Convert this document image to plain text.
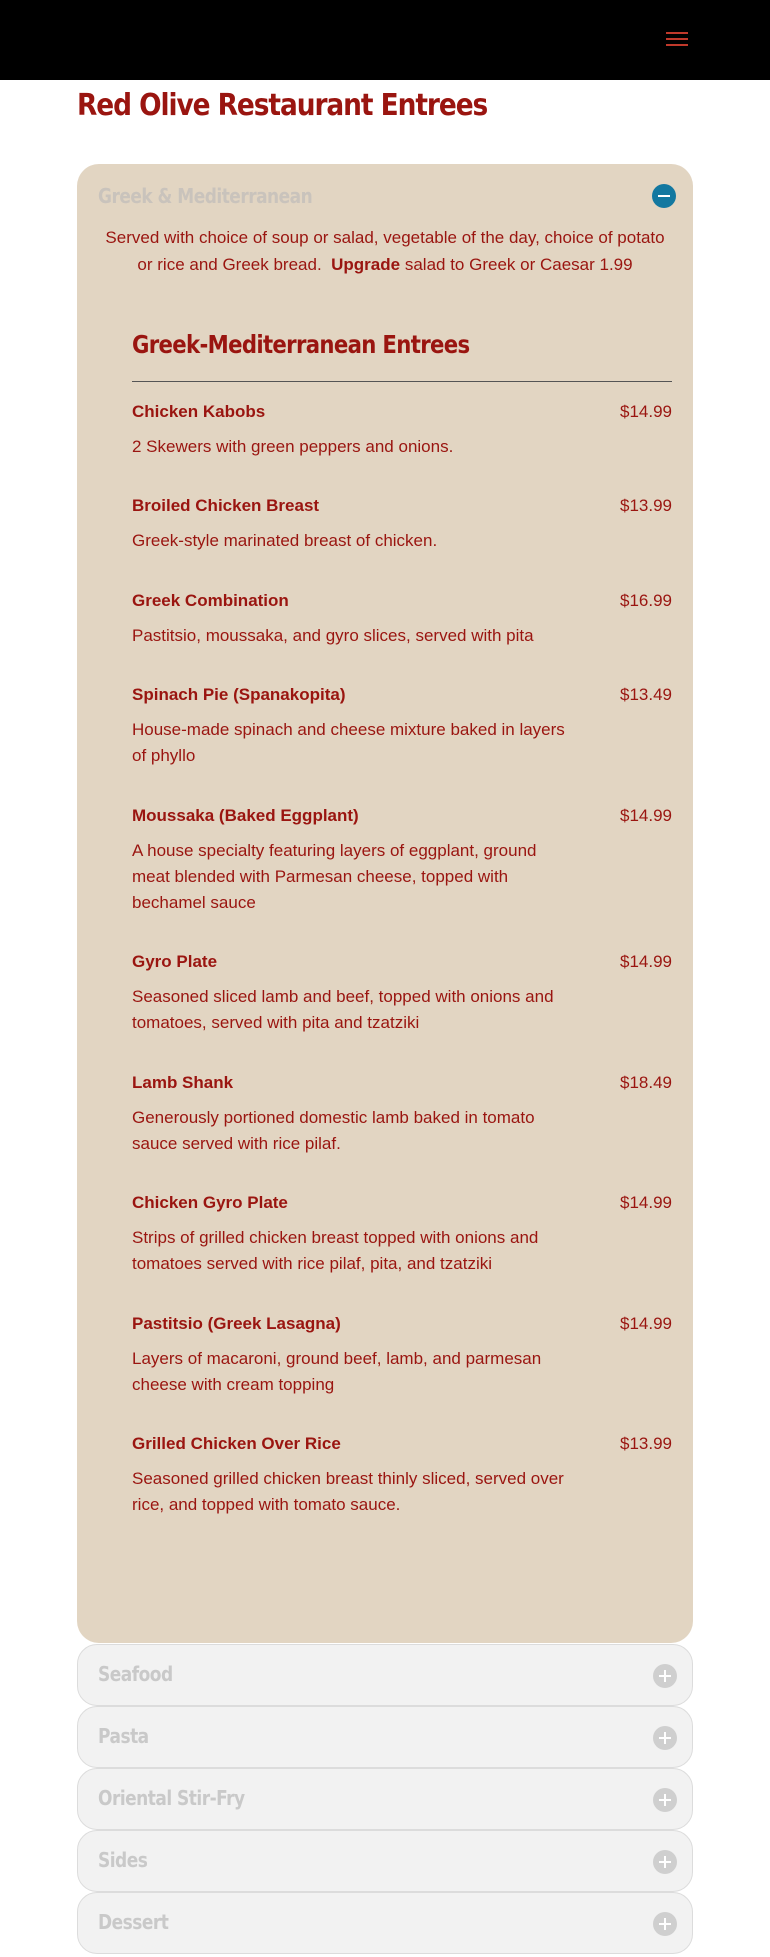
Red Olive Restaurant Entrees
Greek & Mediterranean

Served with choice of soup or salad, vegetable of the day, choice of potato or rice and Greek bread. Upgrade salad to Greek or Caesar 1.99

Greek-Mediterranean Entrees
Chicken Kabobs	$14.99
2 Skewers with green peppers and onions.
Broiled Chicken Breast	$13.99
Greek-style marinated breast of chicken.
Greek Combination	$16.99
Pastitsio, moussaka, and gyro slices, served with pita
Spinach Pie (Spanakopita)	$13.49
House-made spinach and cheese mixture baked in layers of phyllo
Moussaka (Baked Eggplant)	$14.99
A house specialty featuring layers of eggplant, ground meat blended with Parmesan cheese, topped with bechamel sauce
Gyro Plate	$14.99
Seasoned sliced lamb and beef, topped with onions and tomatoes, served with pita and tzatziki
Lamb Shank	$18.49
Generously portioned domestic lamb baked in tomato sauce served with rice pilaf.
Chicken Gyro Plate	$14.99
Strips of grilled chicken breast topped with onions and tomatoes served with rice pilaf, pita, and tzatziki
Pastitsio (Greek Lasagna)	$14.99
Layers of macaroni, ground beef, lamb, and parmesan cheese with cream topping
Grilled Chicken Over Rice	$13.99
Seasoned grilled chicken breast thinly sliced, served over rice, and topped with tomato sauce.
Seafood
Pasta
Oriental Stir-Fry
Sides
Dessert
